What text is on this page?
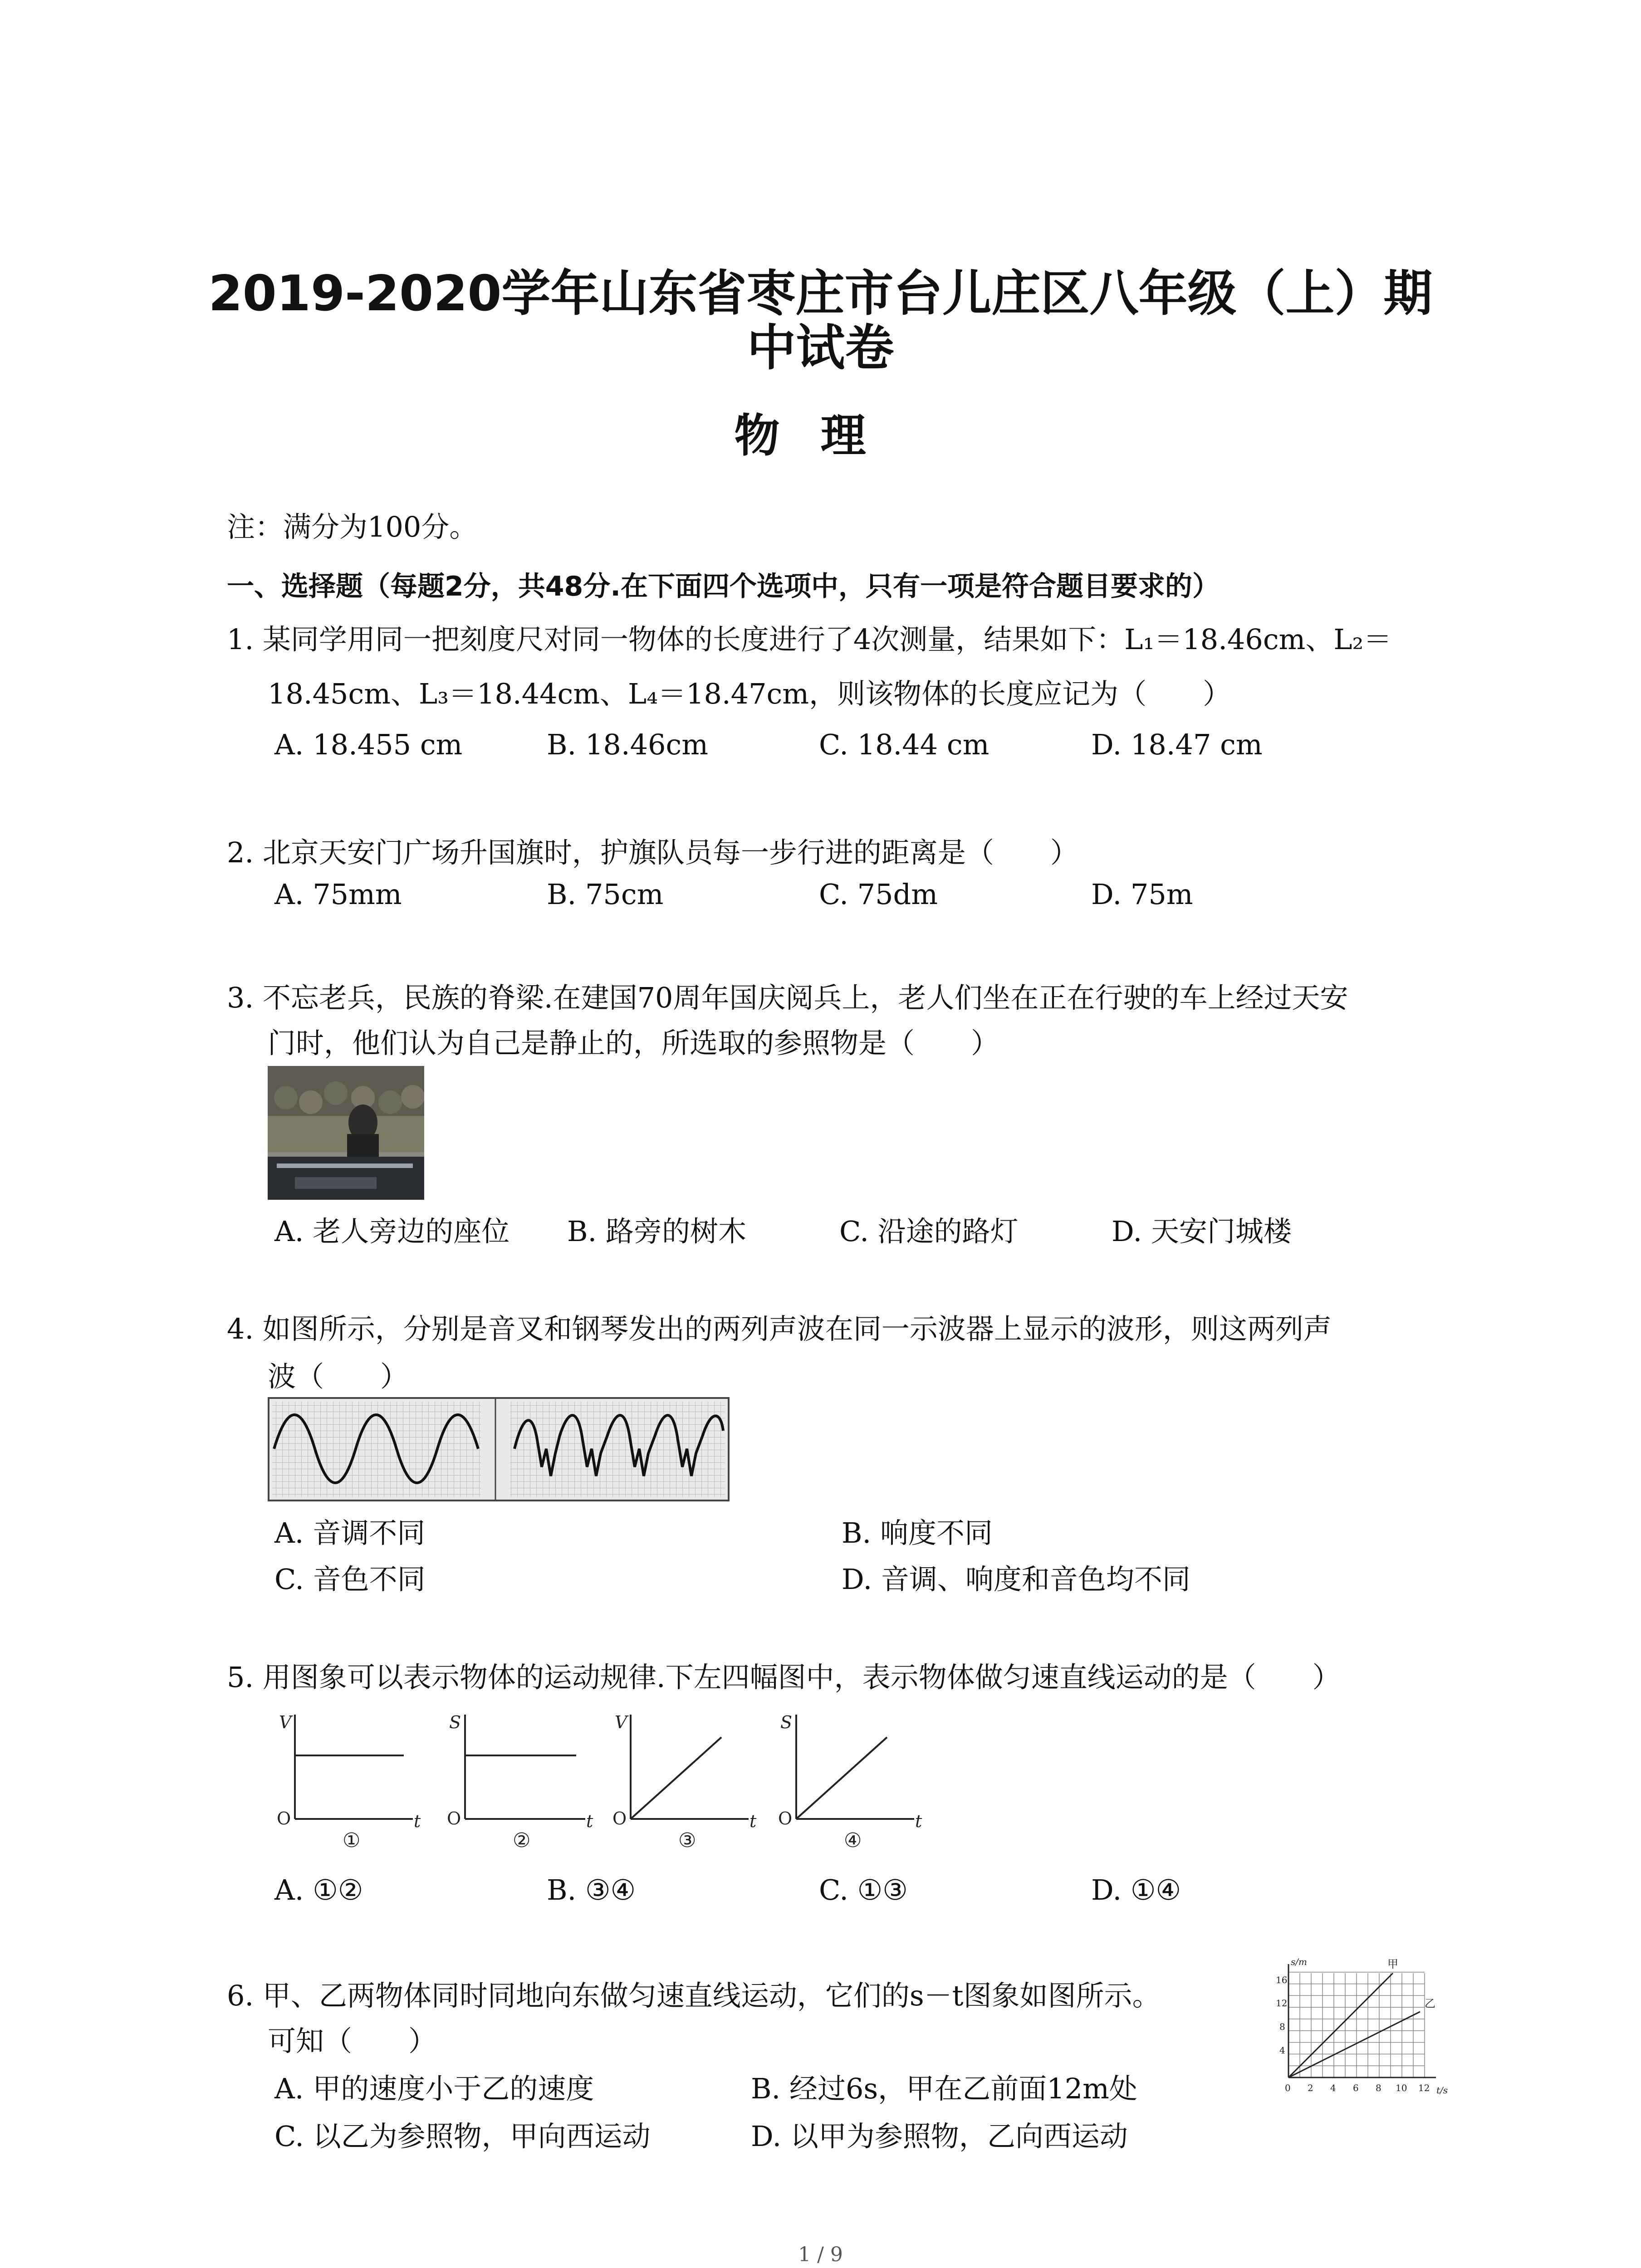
2019-2020学年山东省枣庄市台儿庄区八年级（上）期
中试卷
物理
注：满分为100分。
一、选择题（每题2分，共48分.在下面四个选项中，只有一项是符合题目要求的）
1. 某同学用同一把刻度尺对同一物体的长度进行了4次测量，结果如下：L₁＝18.46cm、L₂＝
18.45cm、L₃＝18.44cm、L₄＝18.47cm，则该物体的长度应记为（　　）
A. 18.455 cm	B. 18.46cm	C. 18.44 cm	D. 18.47 cm
2. 北京天安门广场升国旗时，护旗队员每一步行进的距离是（　　）
A. 75mm	B. 75cm	C. 75dm	D. 75m
3. 不忘老兵，民族的脊梁.在建国70周年国庆阅兵上，老人们坐在正在行驶的车上经过天安
门时，他们认为自己是静止的，所选取的参照物是（　　）
A. 老人旁边的座位 B. 路旁的树木	C. 沿途的路灯	D. 天安门城楼
4. 如图所示，分别是音叉和钢琴发出的两列声波在同一示波器上显示的波形，则这两列声
波（　　）
A. 音调不同	B. 响度不同
C. 音色不同	D. 音调、响度和音色均不同
5. 用图象可以表示物体的运动规律.下左四幅图中，表示物体做匀速直线运动的是（　　）
V	S	V	S
O	O	O	O
t	t	t	t
①	②	③	④
A. ①②	B. ③④	C. ①③	D. ①④
6. 甲、乙两物体同时同地向东做匀速直线运动，它们的s－t图象如图所示。
可知（　　）
A. 甲的速度小于乙的速度	B. 经过6s，甲在乙前面12m处
C. 以乙为参照物，甲向西运动	D. 以甲为参照物，乙向西运动
s/m
t/s
16
12
8
4
0 2 4 6 8 10 12
甲
乙
1 / 9
